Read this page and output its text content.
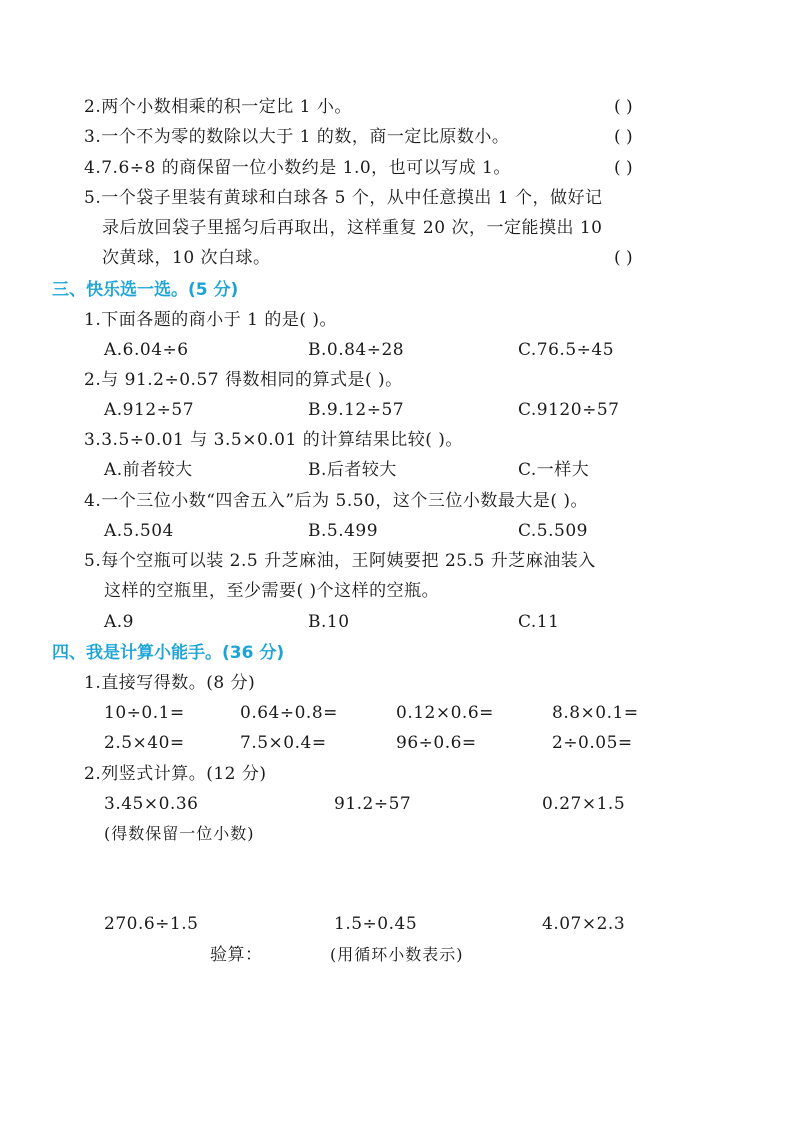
2.两个小数相乘的积一定比 1 小。	( )
3.一个不为零的数除以大于 1 的数，商一定比原数小。	( )
4.7.6÷8 的商保留一位小数约是 1.0，也可以写成 1。	( )
5.一个袋子里装有黄球和白球各 5 个，从中任意摸出 1 个，做好记
录后放回袋子里摇匀后再取出，这样重复 20 次，一定能摸出 10
次黄球，10 次白球。	( )
三、快乐选一选。(5 分)
1.下面各题的商小于 1 的是( )。
A.6.04÷6	B.0.84÷28	C.76.5÷45
2.与 91.2÷0.57 得数相同的算式是( )。
A.912÷57	B.9.12÷57	C.9120÷57
3.3.5÷0.01 与 3.5×0.01 的计算结果比较( )。
A.前者较大	B.后者较大	C.一样大
4.一个三位小数“四舍五入”后为 5.50，这个三位小数最大是( )。
A.5.504	B.5.499	C.5.509
5.每个空瓶可以装 2.5 升芝麻油，王阿姨要把 25.5 升芝麻油装入
这样的空瓶里，至少需要( )个这样的空瓶。
A.9	B.10	C.11
四、我是计算小能手。(36 分)
1.直接写得数。(8 分)
10÷0.1=	0.64÷0.8=	0.12×0.6=	8.8×0.1=
2.5×40=	7.5×0.4=	96÷0.6=	2÷0.05=
2.列竖式计算。(12 分)
3.45×0.36	91.2÷57	0.27×1.5
(得数保留一位小数)
270.6÷1.5	1.5÷0.45	4.07×2.3
验算：	(用循环小数表示)
